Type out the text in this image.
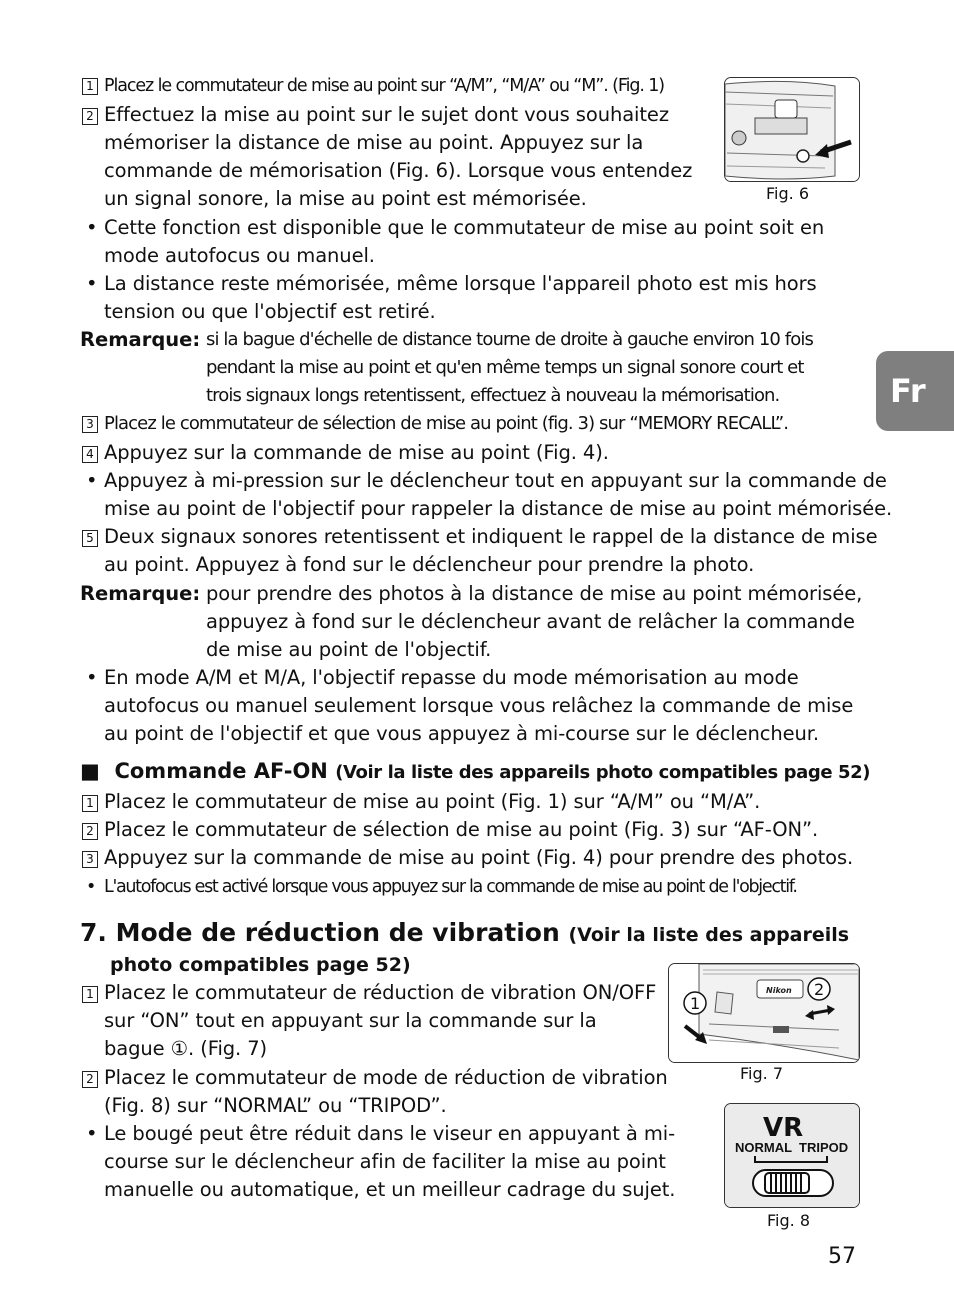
1 Placez le commutateur de mise au point sur “A/M”, “M/A” ou “M”. (Fig. 1)
2 Effectuez la mise au point sur le sujet dont vous souhaitez
mémoriser la distance de mise au point. Appuyez sur la
commande de mémorisation (Fig. 6). Lorsque vous entendez
un signal sonore, la mise au point est mémorisée.
• Cette fonction est disponible que le commutateur de mise au point soit en
mode autofocus ou manuel.
• La distance reste mémorisée, même lorsque l'appareil photo est mis hors
tension ou que l'objectif est retiré.
Remarque: si la bague d'échelle de distance tourne de droite à gauche environ 10 fois
pendant la mise au point et qu'en même temps un signal sonore court et
trois signaux longs retentissent, effectuez à nouveau la mémorisation.
3 Placez le commutateur de sélection de mise au point (fig. 3) sur “MEMORY RECALL”.
4 Appuyez sur la commande de mise au point (Fig. 4).
• Appuyez à mi-pression sur le déclencheur tout en appuyant sur la commande de
mise au point de l'objectif pour rappeler la distance de mise au point mémorisée.
5 Deux signaux sonores retentissent et indiquent le rappel de la distance de mise
au point. Appuyez à fond sur le déclencheur pour prendre la photo.
Remarque: pour prendre des photos à la distance de mise au point mémorisée,
appuyez à fond sur le déclencheur avant de relâcher la commande
de mise au point de l'objectif.
• En mode A/M et M/A, l'objectif repasse du mode mémorisation au mode
autofocus ou manuel seulement lorsque vous relâchez la commande de mise
au point de l'objectif et que vous appuyez à mi-course sur le déclencheur.
■ Commande AF-ON (Voir la liste des appareils photo compatibles page 52)
1 Placez le commutateur de mise au point (Fig. 1) sur “A/M” ou “M/A”.
2 Placez le commutateur de sélection de mise au point (Fig. 3) sur “AF-ON”.
3 Appuyez sur la commande de mise au point (Fig. 4) pour prendre des photos.
• L'autofocus est activé lorsque vous appuyez sur la commande de mise au point de l'objectif.
7. Mode de réduction de vibration (Voir la liste des appareils
photo compatibles page 52)
1 Placez le commutateur de réduction de vibration ON/OFF
sur “ON” tout en appuyant sur la commande sur la
bague ①. (Fig. 7)
2 Placez le commutateur de mode de réduction de vibration
(Fig. 8) sur “NORMAL” ou “TRIPOD”.
• Le bougé peut être réduit dans le viseur en appuyant à mi-
course sur le déclencheur afin de faciliter la mise au point
manuelle ou automatique, et un meilleur cadrage du sujet.
Fig. 6
Nikon
1
2
Fig. 7
VR
NORMAL TRIPOD
Fig. 8
Fr
57
